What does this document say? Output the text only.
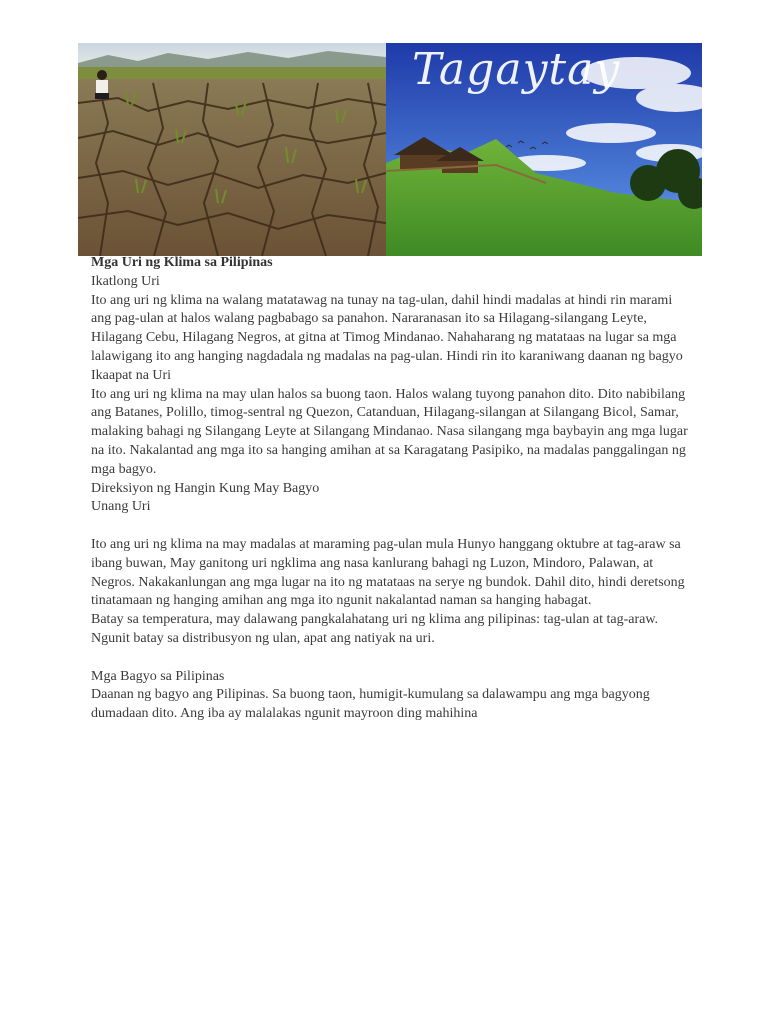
Tagaytay

Mga Uri ng Klima sa Pilipinas

Ikatlong Uri

Ito ang uri ng klima na walang matatawag na tunay na tag-ulan, dahil hindi madalas at hindi rin marami ang pag-ulan at halos walang pagbabago sa panahon. Nararanasan ito sa Hilagang-silangang Leyte, Hilagang Cebu, Hilagang Negros, at gitna at Timog Mindanao. Nahaharang ng matataas na lugar sa mga lalawigang ito ang hanging nagdadala ng madalas na pag-ulan. Hindi rin ito karaniwang daanan ng bagyo

Ikaapat na Uri

Ito ang uri ng klima na may ulan halos sa buong taon. Halos walang tuyong panahon dito. Dito nabibilang ang Batanes, Polillo, timog-sentral ng Quezon, Catanduan, Hilagang-silangan at Silangang Bicol, Samar, malaking bahagi ng Silangang Leyte at Silangang Mindanao. Nasa silangang mga baybayin ang mga lugar na ito. Nakalantad ang mga ito sa hanging amihan at sa Karagatang Pasipiko, na madalas panggalingan ng mga bagyo.

Direksiyon ng Hangin Kung May Bagyo

Unang Uri

Ito ang uri ng klima na may madalas at maraming pag-ulan mula Hunyo hanggang oktubre at tag-araw sa ibang buwan, May ganitong uri ngklima ang nasa kanlurang bahagi ng Luzon, Mindoro, Palawan, at Negros. Nakakanlungan ang mga lugar na ito ng matataas na serye ng bundok. Dahil dito, hindi deretsong tinatamaan ng hanging amihan ang mga ito ngunit nakalantad naman sa hanging habagat.

Batay sa temperatura, may dalawang pangkalahatang uri ng klima ang pilipinas: tag-ulan at tag-araw. Ngunit batay sa distribusyon ng ulan, apat ang natiyak na uri.

Mga Bagyo sa Pilipinas

Daanan ng bagyo ang Pilipinas. Sa buong taon, humigit-kumulang sa dalawampu ang mga bagyong dumadaan dito. Ang iba ay malalakas ngunit mayroon ding mahihina
